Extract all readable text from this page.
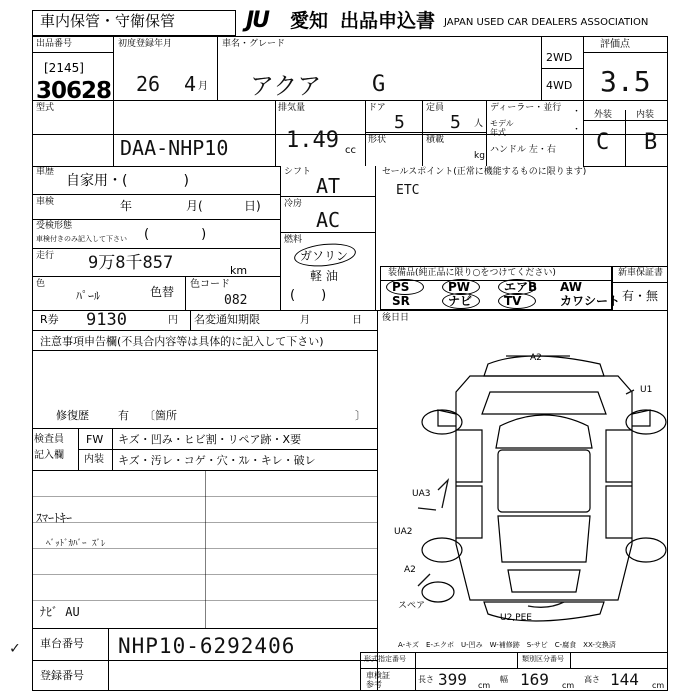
車内保管・守衛保管	JU 愛知 出品申込書 JAPAN USED CAR DEALERS ASSOCIATION
出品番号
[2145]
30628
初度登録年月
26 4 月
車名・グレード
アクア G
2WD
4WD
評価点
3.5
型式
DAA-NHP10
排気量
1.49 cc
ドア
5
形状
定員
5 人
積載
kg
ディーラー・並行 ・
モデル
年式	・
ハンドル 左・右
外装	内装
C B
車歴
自家用・(　　　　)
車検	年	月(	日)
受検形態
車検付きのみ記入して下さい (　　　　)
走行 9万8千857	km
色
ﾊﾟｰﾙ	色替
色コード
082
シフト
AT
冷房
AC
燃料
ガソリン
軽 油
(　　)
セールスポイント(正常に機能するものに限ります)
ETC
装備品(純正品に限り○をつけてください)	新車保証書
有・無
PS	PW	エアB AW
SR	ナビ	TV	カワシート
R券 9130	円 名変通知期限	月	日 後日日
注意事項申告欄(不具合内容等は具体的に記入して下さい)
修復歴	有 〔箇所	〕
検査員
記入欄
FW キズ・凹み・ヒビ割・リペア跡・X要
内装 キズ・汚レ・コゲ・穴・ｽﾚ・キレ・破レ
ｽﾏｰﾄｷｰ
ﾍﾞｯﾄﾞｶﾊﾞｰ ｽﾞﾚ
ﾅﾋﾞ AU
✓ 車台番号 NHP10-6292406
登録番号
A2
U1
UA3
UA2
A2
スペア
U2,PEE
A-キズ　E-エクボ　U-凹み　W-補修跡　S-サビ　C-腐食　XX-交換済
形式指定番号	類別区分番号
車検証
参考
長さ 399 cm
幅 169 cm
高さ 144 cm
